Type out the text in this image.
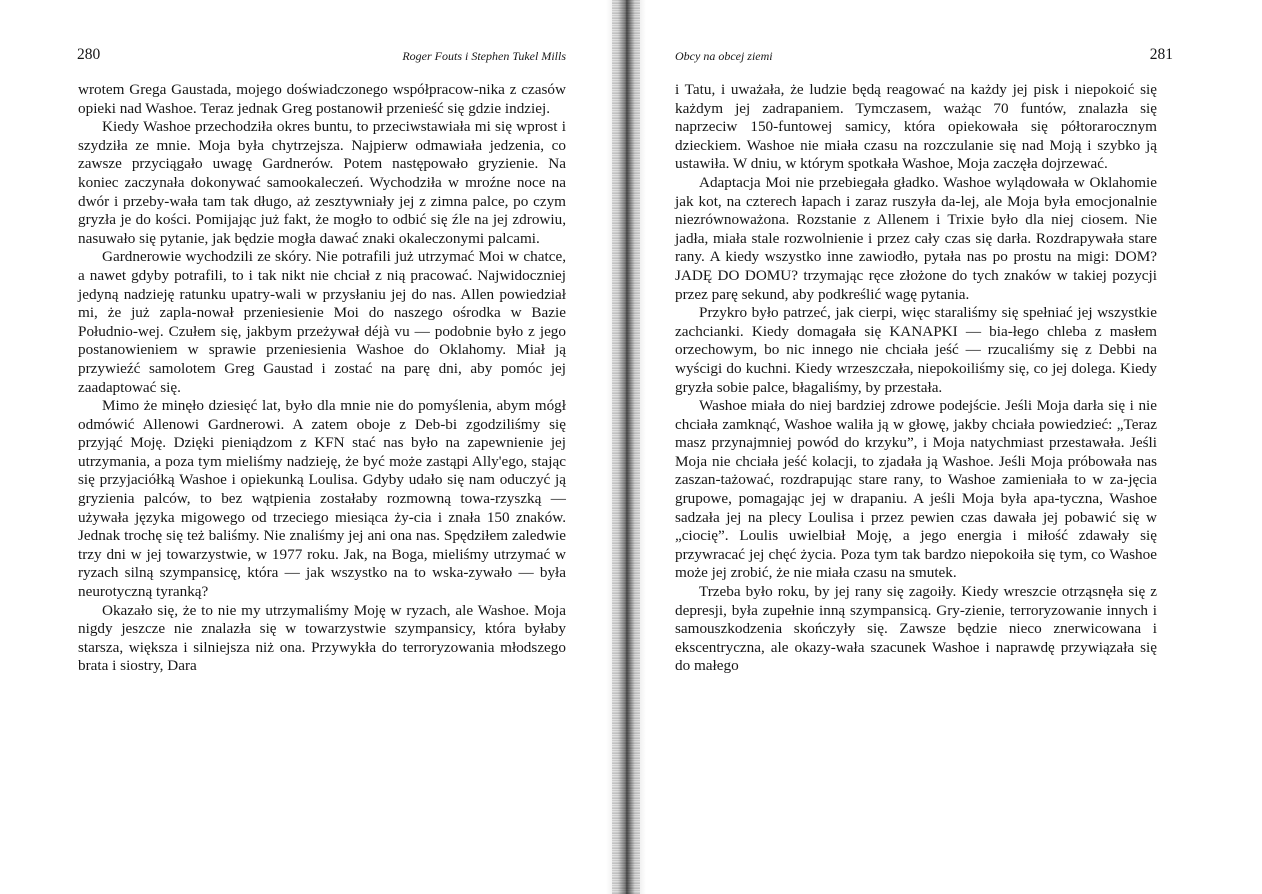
280	Roger Fouts i Stephen Tukel Mills

wrotem Grega Gaustada, mojego doświadczonego współpracow-nika z czasów opieki nad Washoe. Teraz jednak Greg postanowił przenieść się gdzie indziej.

Kiedy Washoe przechodziła okres buntu, to przeciwstawiała mi się wprost i szydziła ze mnie. Moja była chytrzejsza. Najpierw odmawiała jedzenia, co zawsze przyciągało uwagę Gardnerów. Potem następowało gryzienie. Na koniec zaczynała dokonywać samookaleczeń. Wychodziła w mroźne noce na dwór i przeby-wała tam tak długo, aż zesztywniały jej z zimna palce, po czym gryzła je do kości. Pomijając już fakt, że mogło to odbić się źle na jej zdrowiu, nasuwało się pytanie, jak będzie mogła dawać znaki okaleczonymi palcami.

Gardnerowie wychodzili ze skóry. Nie potrafili już utrzymać Moi w chatce, a nawet gdyby potrafili, to i tak nikt nie chciał z nią pracować. Najwidoczniej jedyną nadzieję ratunku upatry-wali w przysłaniu jej do nas. Allen powiedział mi, że już zapla-nował przeniesienie Moi do naszego ośrodka w Bazie Południo-wej. Czułem się, jakbym przeżywał déjà vu — podobnie było z jego postanowieniem w sprawie przeniesienia Washoe do Oklahomy. Miał ją przywieźć samolotem Greg Gaustad i zostać na parę dni, aby pomóc jej zaadaptować się.

Mimo że minęło dziesięć lat, było dla mnie nie do pomyślenia, abym mógł odmówić Allenowi Gardnerowi. A zatem oboje z Deb-bi zgodziliśmy się przyjąć Moję. Dzięki pieniądzom z KFN stać nas było na zapewnienie jej utrzymania, a poza tym mieliśmy nadzieję, że być może zastąpi Ally'ego, stając się przyjaciółką Washoe i opiekunką Loulisa. Gdyby udało się nam oduczyć ją gryzienia palców, to bez wątpienia zostałaby rozmowną towa-rzyszką — używała języka migowego od trzeciego miesiąca ży-cia i znała 150 znaków. Jednak trochę się też baliśmy. Nie znaliśmy jej ani ona nas. Spędziłem zaledwie trzy dni w jej towarzystwie, w 1977 roku. Jak, na Boga, mieliśmy utrzymać w ryzach silną szympansicę, która — jak wszystko na to wska-zywało — była neurotyczną tyranką?

Okazało się, że to nie my utrzymaliśmy Moję w ryzach, ale Washoe. Moja nigdy jeszcze nie znalazła się w towarzystwie szympansicy, która byłaby starsza, większa i silniejsza niż ona. Przywykła do terroryzowania młodszego brata i siostry, Dara

Obcy na obcej ziemi	281

i Tatu, i uważała, że ludzie będą reagować na każdy jej pisk i niepokoić się każdym jej zadrapaniem. Tymczasem, ważąc 70 funtów, znalazła się naprzeciw 150-funtowej samicy, która opiekowała się półtorarocznym dzieckiem. Washoe nie miała czasu na rozczulanie się nad Moją i szybko ją ustawiła. W dniu, w którym spotkała Washoe, Moja zaczęła dojrzewać.

Adaptacja Moi nie przebiegała gładko. Washoe wylądowała w Oklahomie jak kot, na czterech łapach i zaraz ruszyła da-lej, ale Moja była emocjonalnie niezrównoważona. Rozstanie z Allenem i Trixie było dla niej ciosem. Nie jadła, miała stale rozwolnienie i przez cały czas się darła. Rozdrapywała stare rany. A kiedy wszystko inne zawiodło, pytała nas po prostu na migi: DOM? JADĘ DO DOMU? trzymając ręce złożone do tych znaków w takiej pozycji przez parę sekund, aby podkreślić wagę pytania.

Przykro było patrzeć, jak cierpi, więc staraliśmy się spełniać jej wszystkie zachcianki. Kiedy domagała się KANAPKI — bia-łego chleba z masłem orzechowym, bo nic innego nie chciała jeść — rzucaliśmy się z Debbi na wyścigi do kuchni. Kiedy wrzeszczała, niepokoiliśmy się, co jej dolega. Kiedy gryzła sobie palce, błagaliśmy, by przestała.

Washoe miała do niej bardziej zdrowe podejście. Jeśli Moja darła się i nie chciała zamknąć, Washoe waliła ją w głowę, jakby chciała powiedzieć: „Teraz masz przynajmniej powód do krzyku”, i Moja natychmiast przestawała. Jeśli Moja nie chciała jeść kolacji, to zjadała ją Washoe. Jeśli Moja próbowała nas zaszan-tażować, rozdrapując stare rany, to Washoe zamieniała to w za-jęcia grupowe, pomagając jej w drapaniu. A jeśli Moja była apa-tyczna, Washoe sadzała jej na plecy Loulisa i przez pewien czas dawała jej pobawić się w „ciocię”. Loulis uwielbiał Moję, a jego energia i miłość zdawały się przywracać jej chęć życia. Poza tym tak bardzo niepokoiła się tym, co Washoe może jej zrobić, że nie miała czasu na smutek.

Trzeba było roku, by jej rany się zagoiły. Kiedy wreszcie otrząsnęła się z depresji, była zupełnie inną szympansicą. Gry-zienie, terroryzowanie innych i samouszkodzenia skończyły się. Zawsze będzie nieco znerwicowana i ekscentryczna, ale okazy-wała szacunek Washoe i naprawdę przywiązała się do małego
